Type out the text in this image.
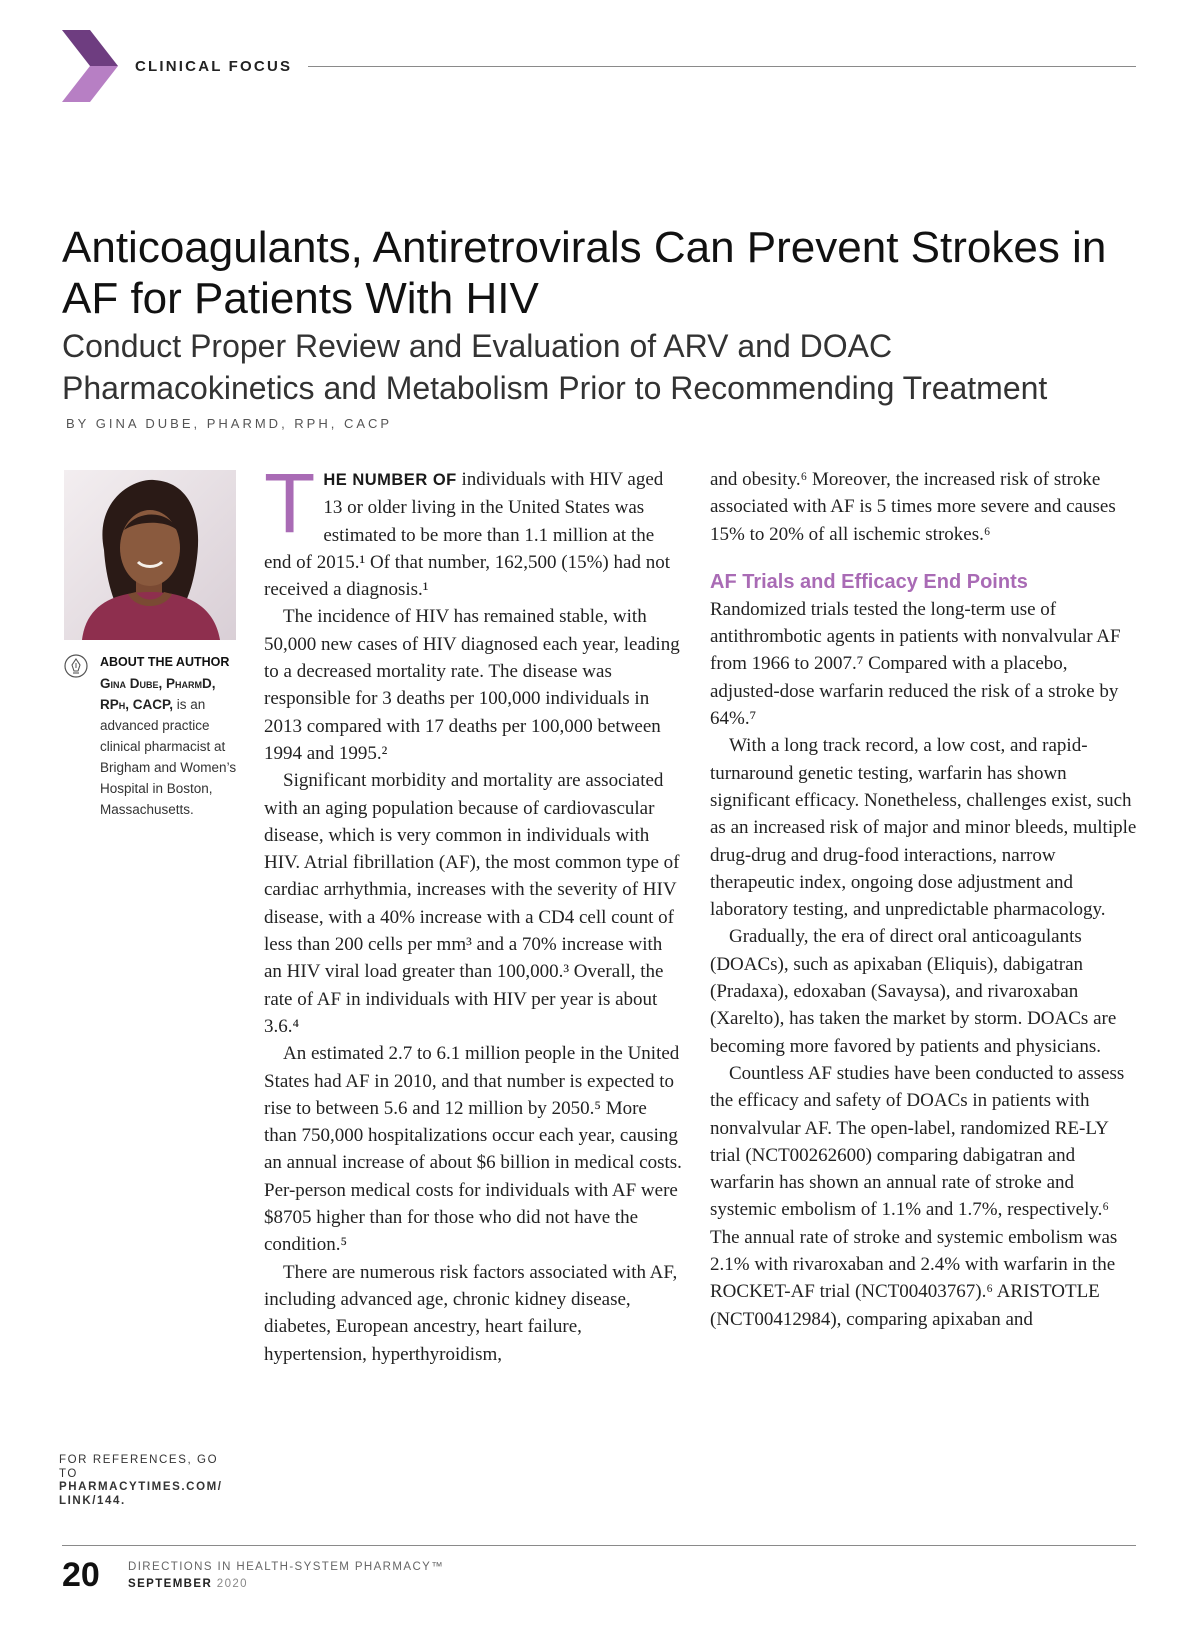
CLINICAL FOCUS
Anticoagulants, Antiretrovirals Can Prevent Strokes in AF for Patients With HIV
Conduct Proper Review and Evaluation of ARV and DOAC Pharmacokinetics and Metabolism Prior to Recommending Treatment
BY GINA DUBE, PHARMD, RPH, CACP
ABOUT THE AUTHOR
Gina Dube, PharmD, RPh, CACP, is an advanced practice clinical pharmacist at Brigham and Women’s Hospital in Boston, Massachusetts.
FOR REFERENCES, GO TO
PHARMACYTIMES.COM/ LINK/144.

THE NUMBER OF individuals with HIV aged 13 or older living in the United States was estimated to be more than 1.1 million at the end of 2015.¹ Of that number, 162,500 (15%) had not received a diagnosis.¹

The incidence of HIV has remained stable, with 50,000 new cases of HIV diagnosed each year, leading to a decreased mortality rate. The disease was responsible for 3 deaths per 100,000 individuals in 2013 compared with 17 deaths per 100,000 between 1994 and 1995.²

Significant morbidity and mortality are associated with an aging population because of cardiovascular disease, which is very common in individuals with HIV. Atrial fibrillation (AF), the most common type of cardiac arrhythmia, increases with the severity of HIV disease, with a 40% increase with a CD4 cell count of less than 200 cells per mm³ and a 70% increase with an HIV viral load greater than 100,000.³ Overall, the rate of AF in individuals with HIV per year is about 3.6.⁴

An estimated 2.7 to 6.1 million people in the United States had AF in 2010, and that number is expected to rise to between 5.6 and 12 million by 2050.⁵ More than 750,000 hospitalizations occur each year, causing an annual increase of about $6 billion in medical costs. Per-person medical costs for individuals with AF were $8705 higher than for those who did not have the condition.⁵

There are numerous risk factors associated with AF, including advanced age, chronic kidney disease, diabetes, European ancestry, heart failure, hypertension, hyperthyroidism,

and obesity.⁶ Moreover, the increased risk of stroke associated with AF is 5 times more severe and causes 15% to 20% of all ischemic strokes.⁶

AF Trials and Efficacy End Points

Randomized trials tested the long-term use of antithrombotic agents in patients with nonvalvular AF from 1966 to 2007.⁷ Compared with a placebo, adjusted-dose warfarin reduced the risk of a stroke by 64%.⁷

With a long track record, a low cost, and rapid-turnaround genetic testing, warfarin has shown significant efficacy. Nonetheless, challenges exist, such as an increased risk of major and minor bleeds, multiple drug-drug and drug-food interactions, narrow therapeutic index, ongoing dose adjustment and laboratory testing, and unpredictable pharmacology.

Gradually, the era of direct oral anticoagulants (DOACs), such as apixaban (Eliquis), dabigatran (Pradaxa), edoxaban (Savaysa), and rivaroxaban (Xarelto), has taken the market by storm. DOACs are becoming more favored by patients and physicians.

Countless AF studies have been conducted to assess the efficacy and safety of DOACs in patients with nonvalvular AF. The open-label, randomized RE-LY trial (NCT00262600) comparing dabigatran and warfarin has shown an annual rate of stroke and systemic embolism of 1.1% and 1.7%, respectively.⁶ The annual rate of stroke and systemic embolism was 2.1% with rivaroxaban and 2.4% with warfarin in the ROCKET-AF trial (NCT00403767).⁶ ARISTOTLE (NCT00412984), comparing apixaban and

20 DIRECTIONS IN HEALTH-SYSTEM PHARMACY™
SEPTEMBER 2020
